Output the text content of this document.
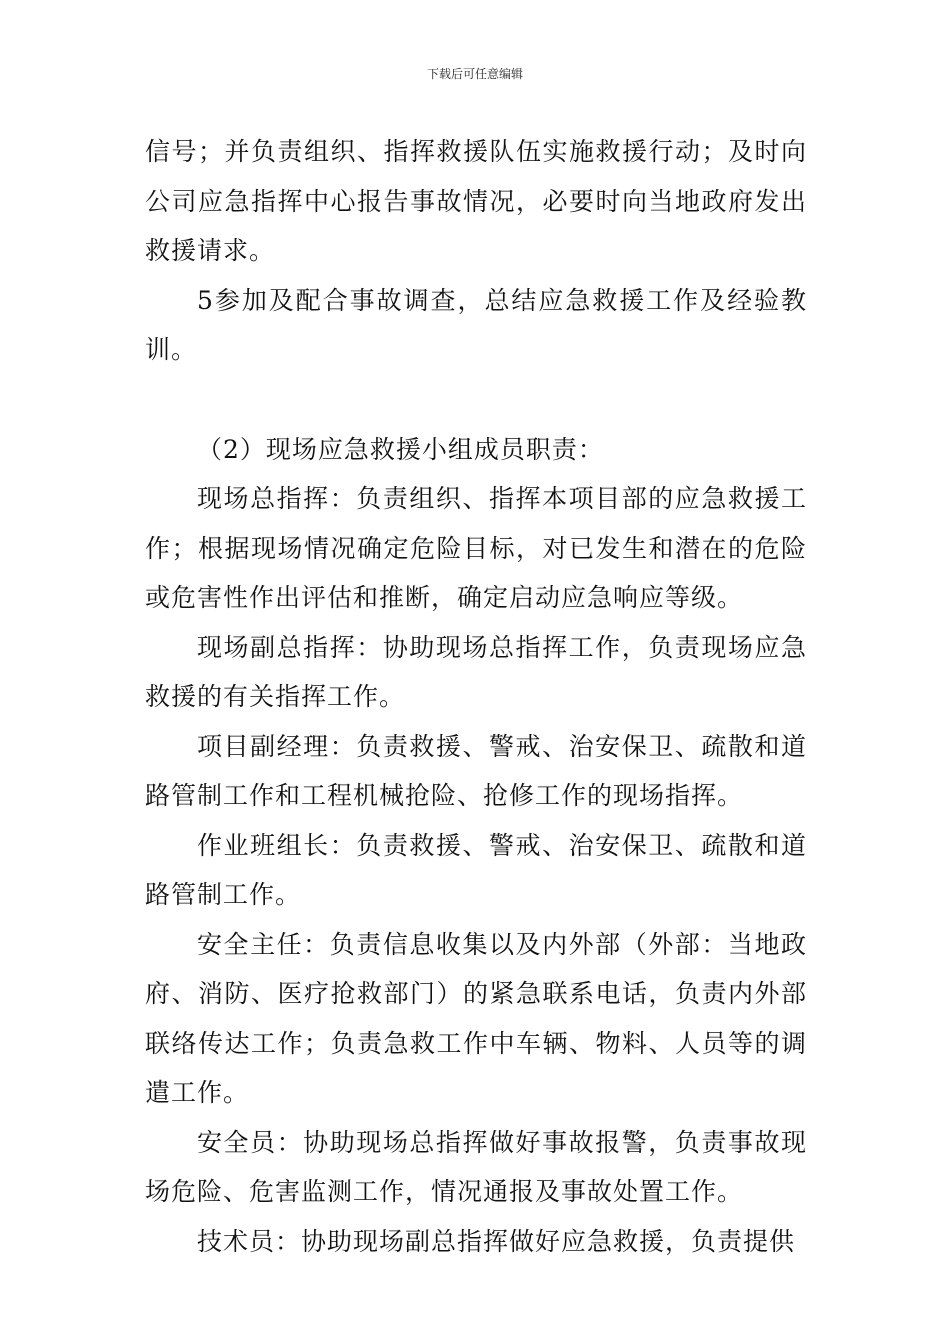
下载后可任意编辑

信号；并负责组织、指挥救援队伍实施救援行动；及时向公司应急指挥中心报告事故情况，必要时向当地政府发出救援请求。

5参加及配合事故调查，总结应急救援工作及经验教训。

（2）现场应急救援小组成员职责：

现场总指挥：负责组织、指挥本项目部的应急救援工作；根据现场情况确定危险目标，对已发生和潜在的危险或危害性作出评估和推断，确定启动应急响应等级。

现场副总指挥：协助现场总指挥工作，负责现场应急救援的有关指挥工作。

项目副经理：负责救援、警戒、治安保卫、疏散和道路管制工作和工程机械抢险、抢修工作的现场指挥。

作业班组长：负责救援、警戒、治安保卫、疏散和道路管制工作。

安全主任：负责信息收集以及内外部（外部：当地政府、消防、医疗抢救部门）的紧急联系电话，负责内外部联络传达工作；负责急救工作中车辆、物料、人员等的调遣工作。

安全员：协助现场总指挥做好事故报警，负责事故现场危险、危害监测工作，情况通报及事故处置工作。

技术员：协助现场副总指挥做好应急救援，负责提供
